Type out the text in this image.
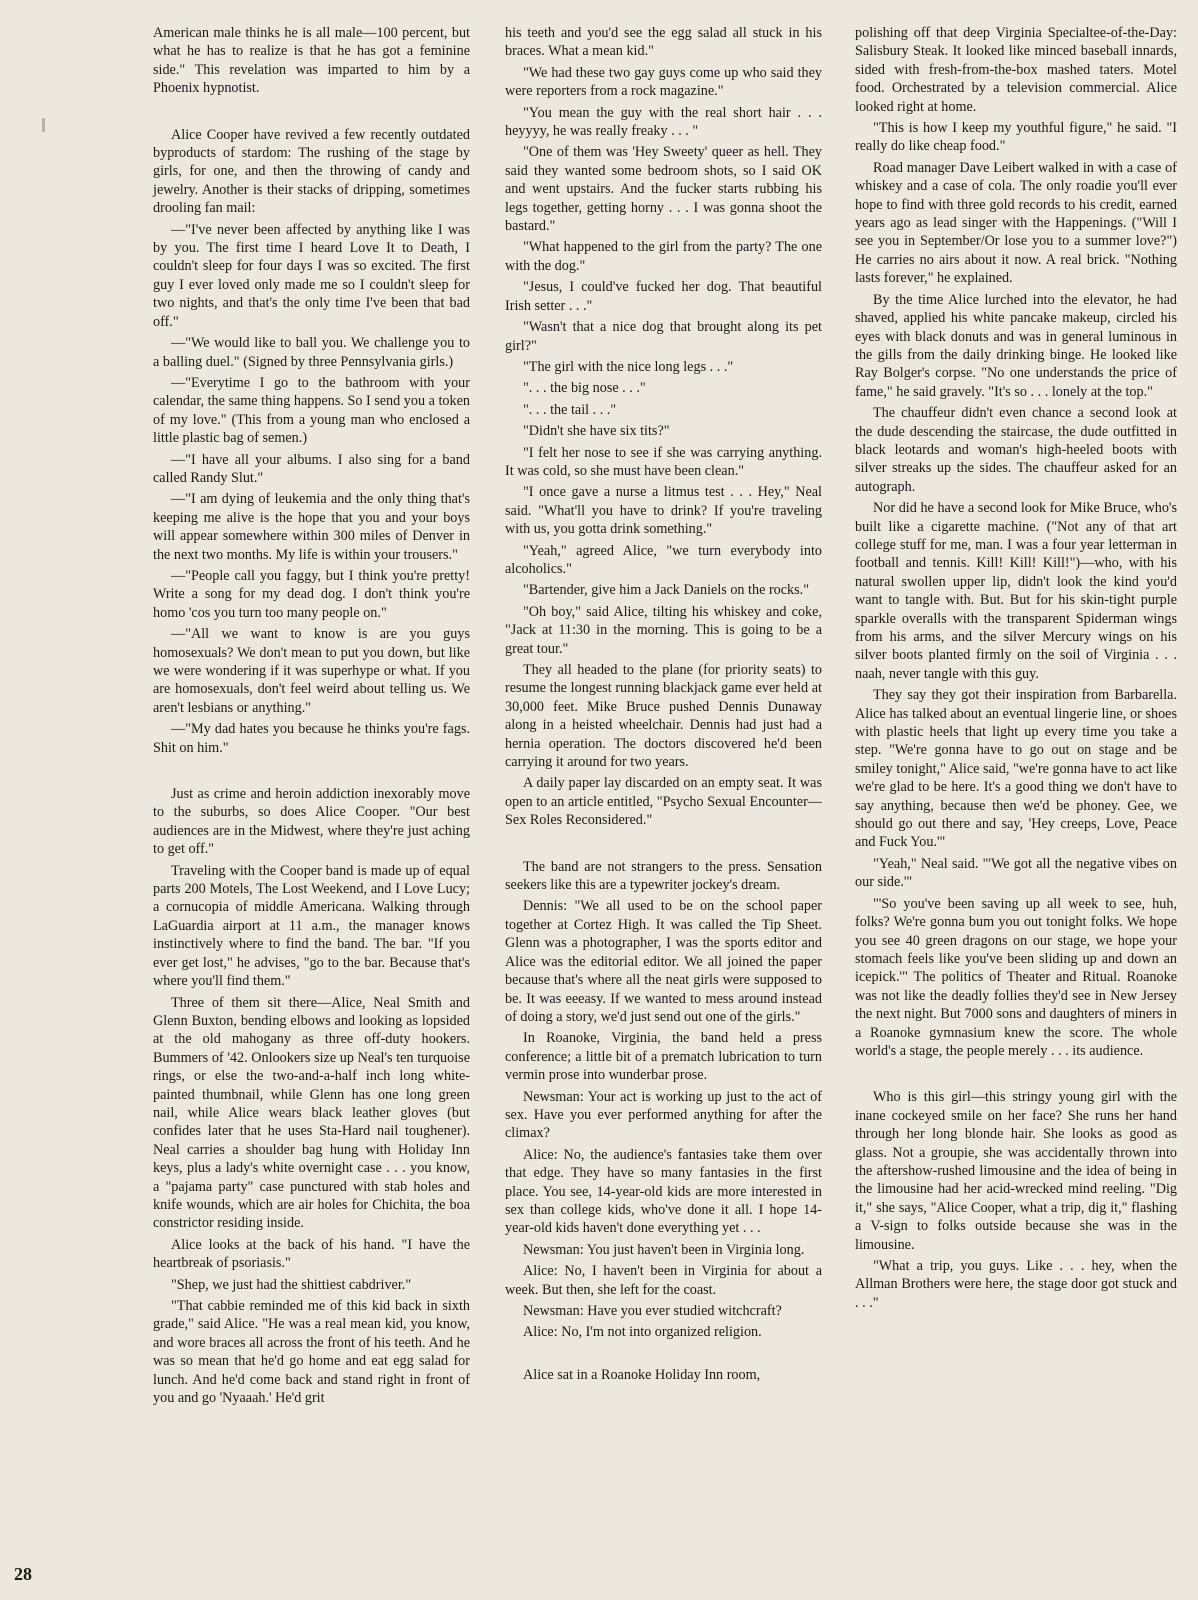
American male thinks he is all male—100 percent, but what he has to realize is that he has got a feminine side." This revelation was imparted to him by a Phoenix hypnotist.

Alice Cooper have revived a few recently outdated byproducts of stardom: The rushing of the stage by girls, for one, and then the throwing of candy and jewelry. Another is their stacks of dripping, sometimes drooling fan mail:

—"I've never been affected by anything like I was by you. The first time I heard Love It to Death, I couldn't sleep for four days I was so excited. The first guy I ever loved only made me so I couldn't sleep for two nights, and that's the only time I've been that bad off."

—"We would like to ball you. We challenge you to a balling duel." (Signed by three Pennsylvania girls.)

—"Everytime I go to the bathroom with your calendar, the same thing happens. So I send you a token of my love." (This from a young man who enclosed a little plastic bag of semen.)

—"I have all your albums. I also sing for a band called Randy Slut."

—"I am dying of leukemia and the only thing that's keeping me alive is the hope that you and your boys will appear somewhere within 300 miles of Denver in the next two months. My life is within your trousers."

—"People call you faggy, but I think you're pretty! Write a song for my dead dog. I don't think you're homo 'cos you turn too many people on."

—"All we want to know is are you guys homosexuals? We don't mean to put you down, but like we were wondering if it was superhype or what. If you are homosexuals, don't feel weird about telling us. We aren't lesbians or anything."

—"My dad hates you because he thinks you're fags. Shit on him."

Just as crime and heroin addiction inexorably move to the suburbs, so does Alice Cooper. "Our best audiences are in the Midwest, where they're just aching to get off."

Traveling with the Cooper band is made up of equal parts 200 Motels, The Lost Weekend, and I Love Lucy; a cornucopia of middle Americana. Walking through LaGuardia airport at 11 a.m., the manager knows instinctively where to find the band. The bar. "If you ever get lost," he advises, "go to the bar. Because that's where you'll find them."

Three of them sit there—Alice, Neal Smith and Glenn Buxton, bending elbows and looking as lopsided at the old mahogany as three off-duty hookers. Bummers of '42. Onlookers size up Neal's ten turquoise rings, or else the two-and-a-half inch long white-painted thumbnail, while Glenn has one long green nail, while Alice wears black leather gloves (but confides later that he uses Sta-Hard nail toughener). Neal carries a shoulder bag hung with Holiday Inn keys, plus a lady's white overnight case . . . you know, a "pajama party" case punctured with stab holes and knife wounds, which are air holes for Chichita, the boa constrictor residing inside.

Alice looks at the back of his hand. "I have the heartbreak of psoriasis."

"Shep, we just had the shittiest cabdriver."

"That cabbie reminded me of this kid back in sixth grade," said Alice. "He was a real mean kid, you know, and wore braces all across the front of his teeth. And he was so mean that he'd go home and eat egg salad for lunch. And he'd come back and stand right in front of you and go 'Nyaaah.' He'd grit

his teeth and you'd see the egg salad all stuck in his braces. What a mean kid."

"We had these two gay guys come up who said they were reporters from a rock magazine."

"You mean the guy with the real short hair . . . heyyyy, he was really freaky . . . "

"One of them was 'Hey Sweety' queer as hell. They said they wanted some bedroom shots, so I said OK and went upstairs. And the fucker starts rubbing his legs together, getting horny . . . I was gonna shoot the bastard."

"What happened to the girl from the party? The one with the dog."

"Jesus, I could've fucked her dog. That beautiful Irish setter . . ."

"Wasn't that a nice dog that brought along its pet girl?"

"The girl with the nice long legs . . ."

". . . the big nose . . ."

". . . the tail . . ."

"Didn't she have six tits?"

"I felt her nose to see if she was carrying anything. It was cold, so she must have been clean."

"I once gave a nurse a litmus test . . . Hey," Neal said. "What'll you have to drink? If you're traveling with us, you gotta drink something."

"Yeah," agreed Alice, "we turn everybody into alcoholics."

"Bartender, give him a Jack Daniels on the rocks."

"Oh boy," said Alice, tilting his whiskey and coke, "Jack at 11:30 in the morning. This is going to be a great tour."

They all headed to the plane (for priority seats) to resume the longest running blackjack game ever held at 30,000 feet. Mike Bruce pushed Dennis Dunaway along in a heisted wheelchair. Dennis had just had a hernia operation. The doctors discovered he'd been carrying it around for two years.

A daily paper lay discarded on an empty seat. It was open to an article entitled, "Psycho Sexual Encounter—Sex Roles Reconsidered."

The band are not strangers to the press. Sensation seekers like this are a typewriter jockey's dream.

Dennis: "We all used to be on the school paper together at Cortez High. It was called the Tip Sheet. Glenn was a photographer, I was the sports editor and Alice was the editorial editor. We all joined the paper because that's where all the neat girls were supposed to be. It was eeeasy. If we wanted to mess around instead of doing a story, we'd just send out one of the girls."

In Roanoke, Virginia, the band held a press conference; a little bit of a prematch lubrication to turn vermin prose into wunderbar prose.

Newsman: Your act is working up just to the act of sex. Have you ever performed anything for after the climax?

Alice: No, the audience's fantasies take them over that edge. They have so many fantasies in the first place. You see, 14-year-old kids are more interested in sex than college kids, who've done it all. I hope 14-year-old kids haven't done everything yet . . .

Newsman: You just haven't been in Virginia long.

Alice: No, I haven't been in Virginia for about a week. But then, she left for the coast.

Newsman: Have you ever studied witchcraft?

Alice: No, I'm not into organized religion.

Alice sat in a Roanoke Holiday Inn room,

polishing off that deep Virginia Specialtee-of-the-Day: Salisbury Steak. It looked like minced baseball innards, sided with fresh-from-the-box mashed taters. Motel food. Orchestrated by a television commercial. Alice looked right at home.

"This is how I keep my youthful figure," he said. "I really do like cheap food."

Road manager Dave Leibert walked in with a case of whiskey and a case of cola. The only roadie you'll ever hope to find with three gold records to his credit, earned years ago as lead singer with the Happenings. ("Will I see you in September/Or lose you to a summer love?") He carries no airs about it now. A real brick. "Nothing lasts forever," he explained.

By the time Alice lurched into the elevator, he had shaved, applied his white pancake makeup, circled his eyes with black donuts and was in general luminous in the gills from the daily drinking binge. He looked like Ray Bolger's corpse. "No one understands the price of fame," he said gravely. "It's so . . . lonely at the top."

The chauffeur didn't even chance a second look at the dude descending the staircase, the dude outfitted in black leotards and woman's high-heeled boots with silver streaks up the sides. The chauffeur asked for an autograph.

Nor did he have a second look for Mike Bruce, who's built like a cigarette machine. ("Not any of that art college stuff for me, man. I was a four year letterman in football and tennis. Kill! Kill! Kill!")—who, with his natural swollen upper lip, didn't look the kind you'd want to tangle with. But. But for his skin-tight purple sparkle overalls with the transparent Spiderman wings from his arms, and the silver Mercury wings on his silver boots planted firmly on the soil of Virginia . . . naah, never tangle with this guy.

They say they got their inspiration from Barbarella. Alice has talked about an eventual lingerie line, or shoes with plastic heels that light up every time you take a step. "We're gonna have to go out on stage and be smiley tonight," Alice said, "we're gonna have to act like we're glad to be here. It's a good thing we don't have to say anything, because then we'd be phoney. Gee, we should go out there and say, 'Hey creeps, Love, Peace and Fuck You.'"

"Yeah," Neal said. "'We got all the negative vibes on our side.'"

"'So you've been saving up all week to see, huh, folks? We're gonna bum you out tonight folks. We hope you see 40 green dragons on our stage, we hope your stomach feels like you've been sliding up and down an icepick.'" The politics of Theater and Ritual. Roanoke was not like the deadly follies they'd see in New Jersey the next night. But 7000 sons and daughters of miners in a Roanoke gymnasium knew the score. The whole world's a stage, the people merely . . . its audience.

Who is this girl—this stringy young girl with the inane cockeyed smile on her face? She runs her hand through her long blonde hair. She looks as good as glass. Not a groupie, she was accidentally thrown into the aftershow-rushed limousine and the idea of being in the limousine had her acid-wrecked mind reeling. "Dig it," she says, "Alice Cooper, what a trip, dig it," flashing a V-sign to folks outside because she was in the limousine.

"What a trip, you guys. Like . . . hey, when the Allman Brothers were here, the stage door got stuck and . . ."

28
